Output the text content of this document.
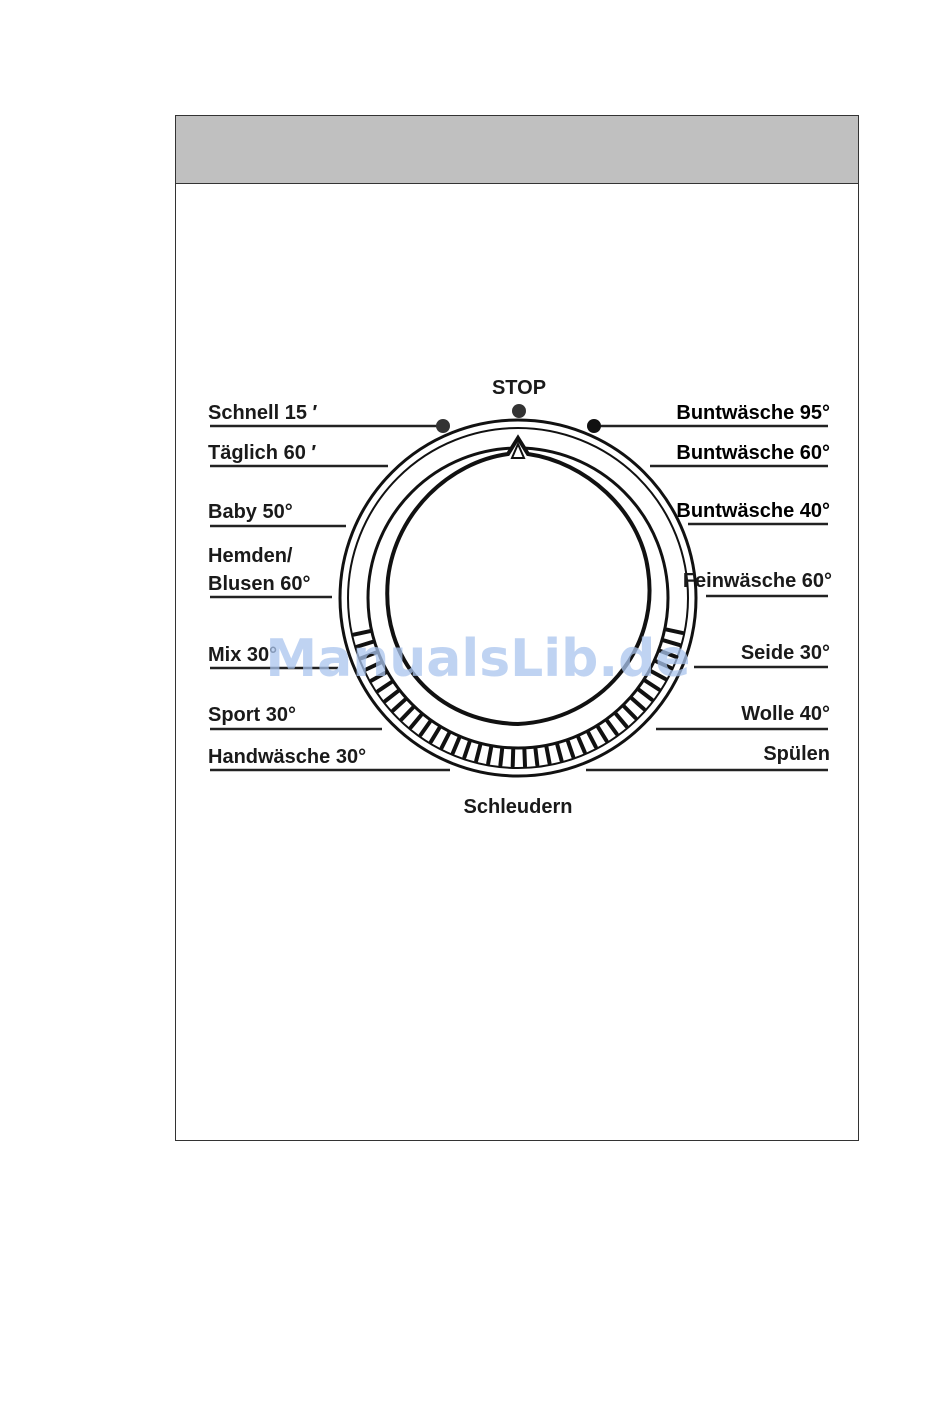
STOP
Schleudern
Schnell 15 ′
Täglich 60 ′
Baby 50°
Hemden/
Blusen 60°
Mix 30°
Sport 30°
Handwäsche 30°
Buntwäsche 95°
Buntwäsche 60°
Buntwäsche 40°
Feinwäsche 60°
Seide 30°
Wolle 40°
Spülen
ManualsLib.de
